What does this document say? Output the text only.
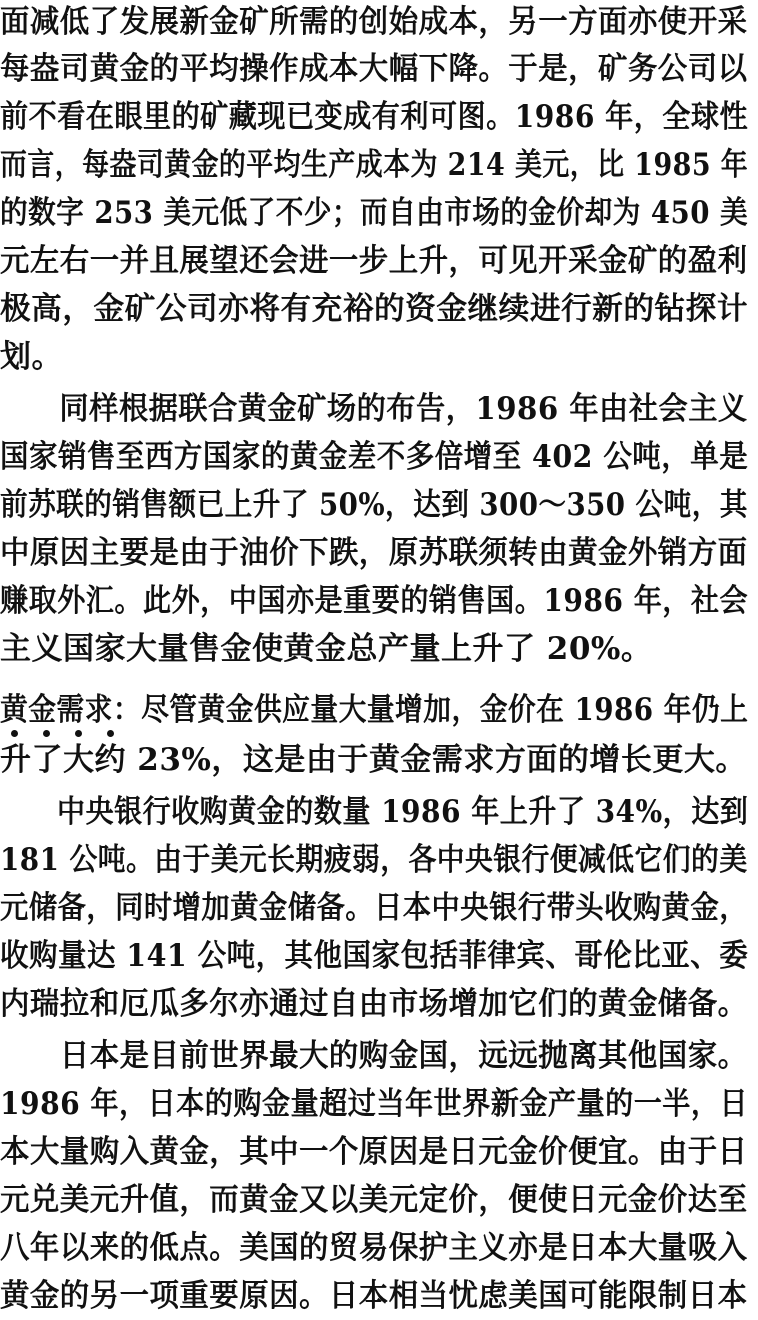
面减低了发展新金矿所需的创始成本，另一方面亦使开采
每盎司黄金的平均操作成本大幅下降。于是，矿务公司以
前不看在眼里的矿藏现已变成有利可图。1986 年，全球性
而言，每盎司黄金的平均生产成本为 214 美元，比 1985 年
的数字 253 美元低了不少；而自由市场的金价却为 450 美
元左右一并且展望还会进一步上升，可见开采金矿的盈利
极高，金矿公司亦将有充裕的资金继续进行新的钻探计
划。
　　同样根据联合黄金矿场的布告，1986 年由社会主义
国家销售至西方国家的黄金差不多倍增至 402 公吨，单是
前苏联的销售额已上升了 50%，达到 300～350 公吨，其
中原因主要是由于油价下跌，原苏联须转由黄金外销方面
赚取外汇。此外，中国亦是重要的销售国。1986 年，社会
主义国家大量售金使黄金总产量上升了 20%。
黄金需求：尽管黄金供应量大量增加，金价在 1986 年仍上
升了大约 23%，这是由于黄金需求方面的增长更大。
　　中央银行收购黄金的数量 1986 年上升了 34%，达到
181 公吨。由于美元长期疲弱，各中央银行便减低它们的美
元储备，同时增加黄金储备。日本中央银行带头收购黄金，
收购量达 141 公吨，其他国家包括菲律宾、哥伦比亚、委
内瑞拉和厄瓜多尔亦通过自由市场增加它们的黄金储备。
　　日本是目前世界最大的购金国，远远抛离其他国家。
1986 年，日本的购金量超过当年世界新金产量的一半，日
本大量购入黄金，其中一个原因是日元金价便宜。由于日
元兑美元升值，而黄金又以美元定价，便使日元金价达至
八年以来的低点。美国的贸易保护主义亦是日本大量吸入
黄金的另一项重要原因。日本相当忧虑美国可能限制日本
